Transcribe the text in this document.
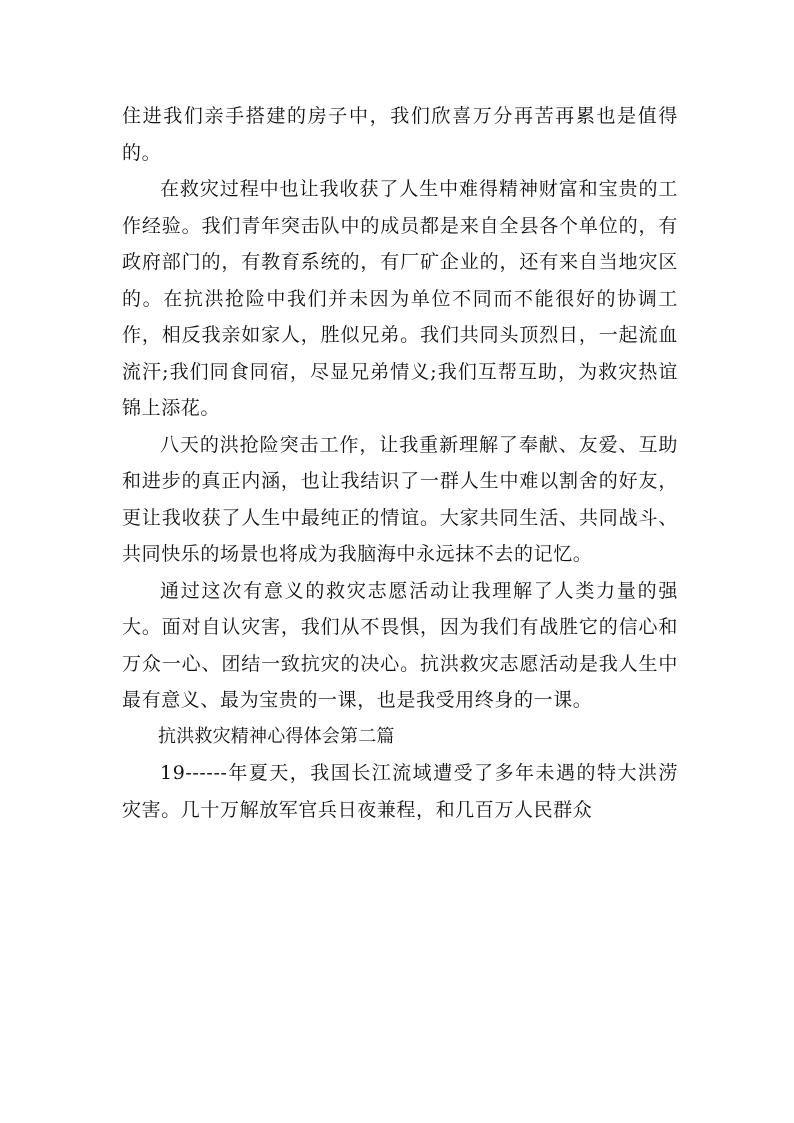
住进我们亲手搭建的房子中，我们欣喜万分再苦再累也是值得的。

在救灾过程中也让我收获了人生中难得精神财富和宝贵的工作经验。我们青年突击队中的成员都是来自全县各个单位的，有政府部门的，有教育系统的，有厂矿企业的，还有来自当地灾区的。在抗洪抢险中我们并未因为单位不同而不能很好的协调工作，相反我亲如家人，胜似兄弟。我们共同头顶烈日，一起流血流汗;我们同食同宿，尽显兄弟情义;我们互帮互助，为救灾热谊锦上添花。

八天的洪抢险突击工作，让我重新理解了奉献、友爱、互助和进步的真正内涵，也让我结识了一群人生中难以割舍的好友，更让我收获了人生中最纯正的情谊。大家共同生活、共同战斗、共同快乐的场景也将成为我脑海中永远抹不去的记忆。

通过这次有意义的救灾志愿活动让我理解了人类力量的强大。面对自认灾害，我们从不畏惧，因为我们有战胜它的信心和万众一心、团结一致抗灾的决心。抗洪救灾志愿活动是我人生中最有意义、最为宝贵的一课，也是我受用终身的一课。

抗洪救灾精神心得体会第二篇

19------年夏天，我国长江流域遭受了多年未遇的特大洪涝灾害。几十万解放军官兵日夜兼程，和几百万人民群众
